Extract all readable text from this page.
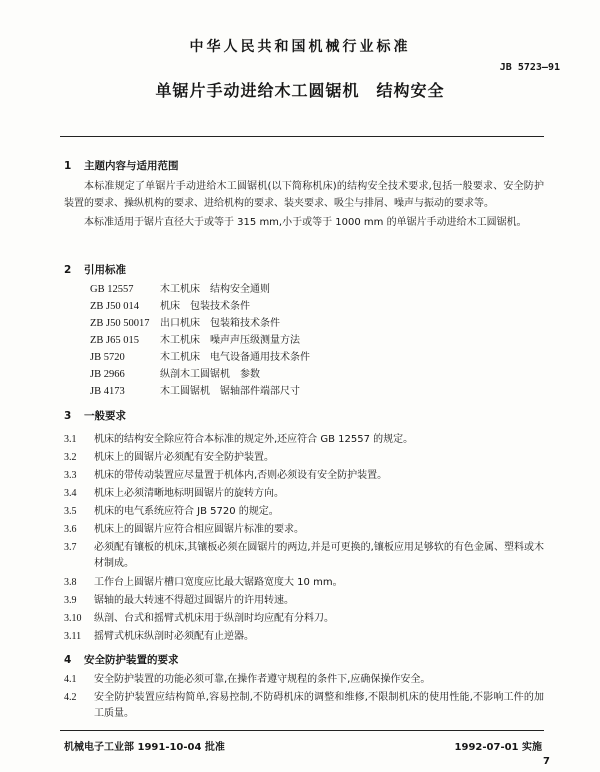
中华人民共和国机械行业标准
JB 5723—91
单锯片手动进给木工圆锯机　结构安全
1 主题内容与适用范围
本标准规定了单锯片手动进给木工圆锯机(以下简称机床)的结构安全技术要求,包括一般要求、安全防护装置的要求、操纵机构的要求、进给机构的要求、装夹要求、吸尘与排屑、噪声与振动的要求等。
本标准适用于锯片直径大于或等于 315 mm,小于或等于 1000 mm 的单锯片手动进给木工圆锯机。
2 引用标准
GB 12557	木工机床　结构安全通则
ZB J50 014	机床　包装技术条件
ZB J50 50017	出口机床　包装箱技术条件
ZB J65 015	木工机床　噪声声压级测量方法
JB 5720	木工机床　电气设备通用技术条件
JB 2966	纵剖木工圆锯机　参数
JB 4173	木工圆锯机　锯轴部件端部尺寸
3 一般要求
3.1	机床的结构安全除应符合本标准的规定外,还应符合 GB 12557 的规定。
3.2	机床上的圆锯片必须配有安全防护装置。
3.3	机床的带传动装置应尽量置于机体内,否则必须设有安全防护装置。
3.4	机床上必须清晰地标明圆锯片的旋转方向。
3.5	机床的电气系统应符合 JB 5720 的规定。
3.6	机床上的圆锯片应符合相应圆锯片标准的要求。
3.7	必须配有镶板的机床,其镶板必须在圆锯片的两边,并是可更换的,镶板应用足够软的有色金属、塑料或木材制成。
3.8	工作台上圆锯片槽口宽度应比最大锯路宽度大 10 mm。
3.9	锯轴的最大转速不得超过圆锯片的许用转速。
3.10	纵剖、台式和摇臂式机床用于纵剖时均应配有分料刀。
3.11	摇臂式机床纵剖时必须配有止逆器。
4 安全防护装置的要求
4.1	安全防护装置的功能必须可靠,在操作者遵守规程的条件下,应确保操作安全。
4.2	安全防护装置应结构简单,容易控制,不防碍机床的调整和维修,不限制机床的使用性能,不影响工件的加工质量。
机械电子工业部 1991-10-04 批准	1992-07-01 实施
7
